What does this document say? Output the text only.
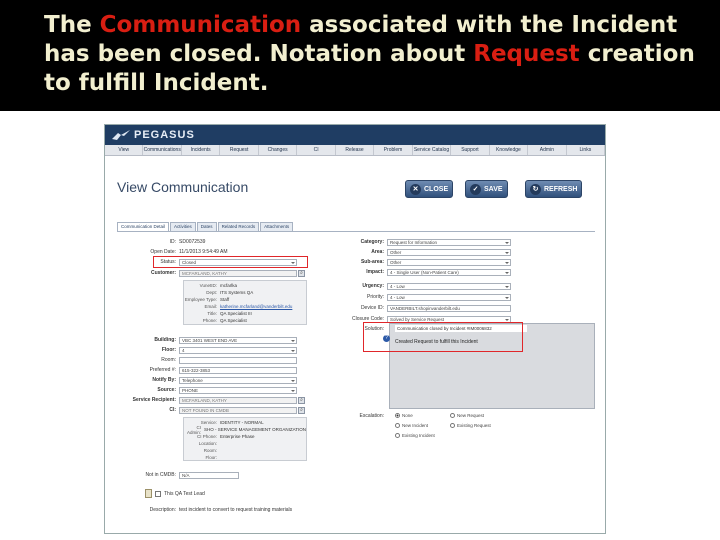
The Communication associated with the Incident has been closed. Notation about Request creation to fulfill Incident.
PEGASUS
View	Communications	Incidents	Request	Changes	CI	Release	Problem	Service Catalog	Support	Knowledge	Admin	Links
View Communication	✕ CLOSE	✓ SAVE	↻ REFRESH
Communication Detail	Activities	Dates	Related Records	Attachments
ID: SD0072539
Open Date: 11/1/2013 9:54:49 AM
Status:	Closed
Customer:	MCFARLAND, KATHY	⌕
VunetID: mcfarlka
Dept: ITS Systems QA
Employee Type: Staff
Email: katherine.mcfarland@vanderbilt.edu
Title: QA Specialist III
Phone: QA Specialist
Building:	VBC 3401 WEST END AVE
Floor:	4
Room:
Preferred #:	615-322-3853
Notify By:	Telephone
Source:	PHONE
Service Recipient:	MCFARLAND, KATHY	⌕
CI:	NOT FOUND IN CMDB	⌕
Service: IDENTITY - NORMAL
CI Admin: SHO - SERVICE MANAGEMENT ORGANIZATION
CI Phone: Enterprise Phase
Location:
Room:
Floor:
Not in CMDB:	N/A
This QA Test Lead
Description: test incident to convert to request training materials
Category:	Request for Information
Area:	Other
Sub-area:	Other
Impact:	4 - Single User (Non-Patient Care)
Urgency:	4 - Low
Priority:	4 - Low
Device ID:	VANDERBILT.shopinvanderbilt.edu
Closure Code:	Solved by Service Request
Solution:	Communication closed by Incident #IM0006832
?
Created Request to fulfill this Incident
Escalation:	None
New Incident
Existing Incident
New Request
Existing Request
